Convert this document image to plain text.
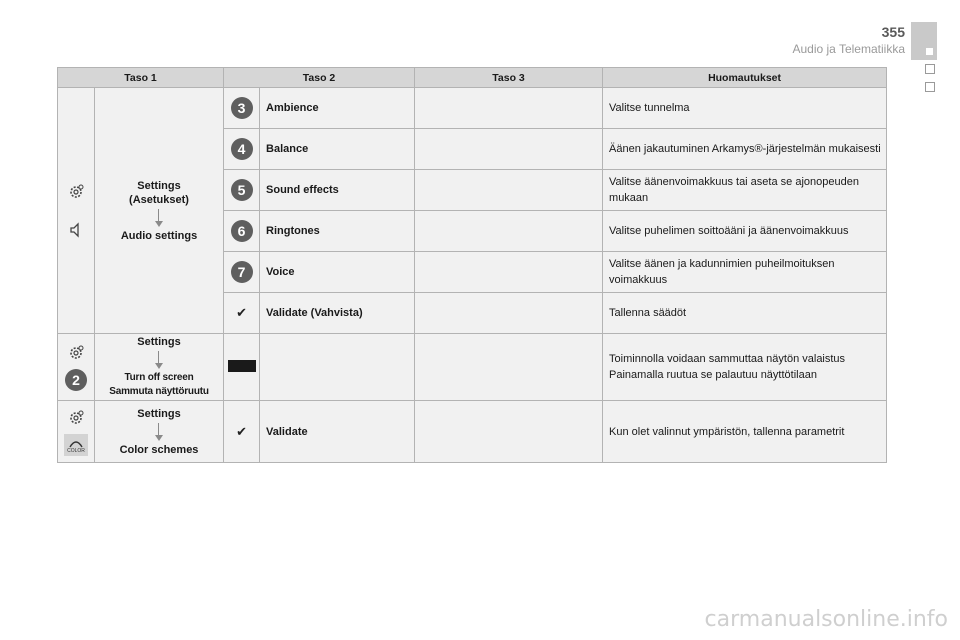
355
Audio ja Telematiikka
Taso 1		Taso 2		Taso 3	Huomautukset

Settings
(Asetukset)
Audio settings	3	Ambience		Valitse tunnelma
		4	Balance		Äänen jakautuminen Arkamys®-järjestelmän mukaisesti
		5	Sound effects		Valitse äänenvoimakkuus tai aseta se ajonopeuden mukaan
		6	Ringtones		Valitse puhelimen soittoääni ja äänenvoimakkuus
		7	Voice		Valitse äänen ja kadunnimien puheilmoituksen voimakkuus
		✔	Validate (Vahvista)		Tallenna säädöt

2	Settings
Turn off screen
Sammuta näyttöruutu				Toiminnolla voidaan sammuttaa näytön valaistus
Painamalla ruutua se palautuu näyttötilaan

COLOR	Settings
Color schemes	✔	Validate		Kun olet valinnut ympäristön, tallenna parametrit
carmanualsonline.info
